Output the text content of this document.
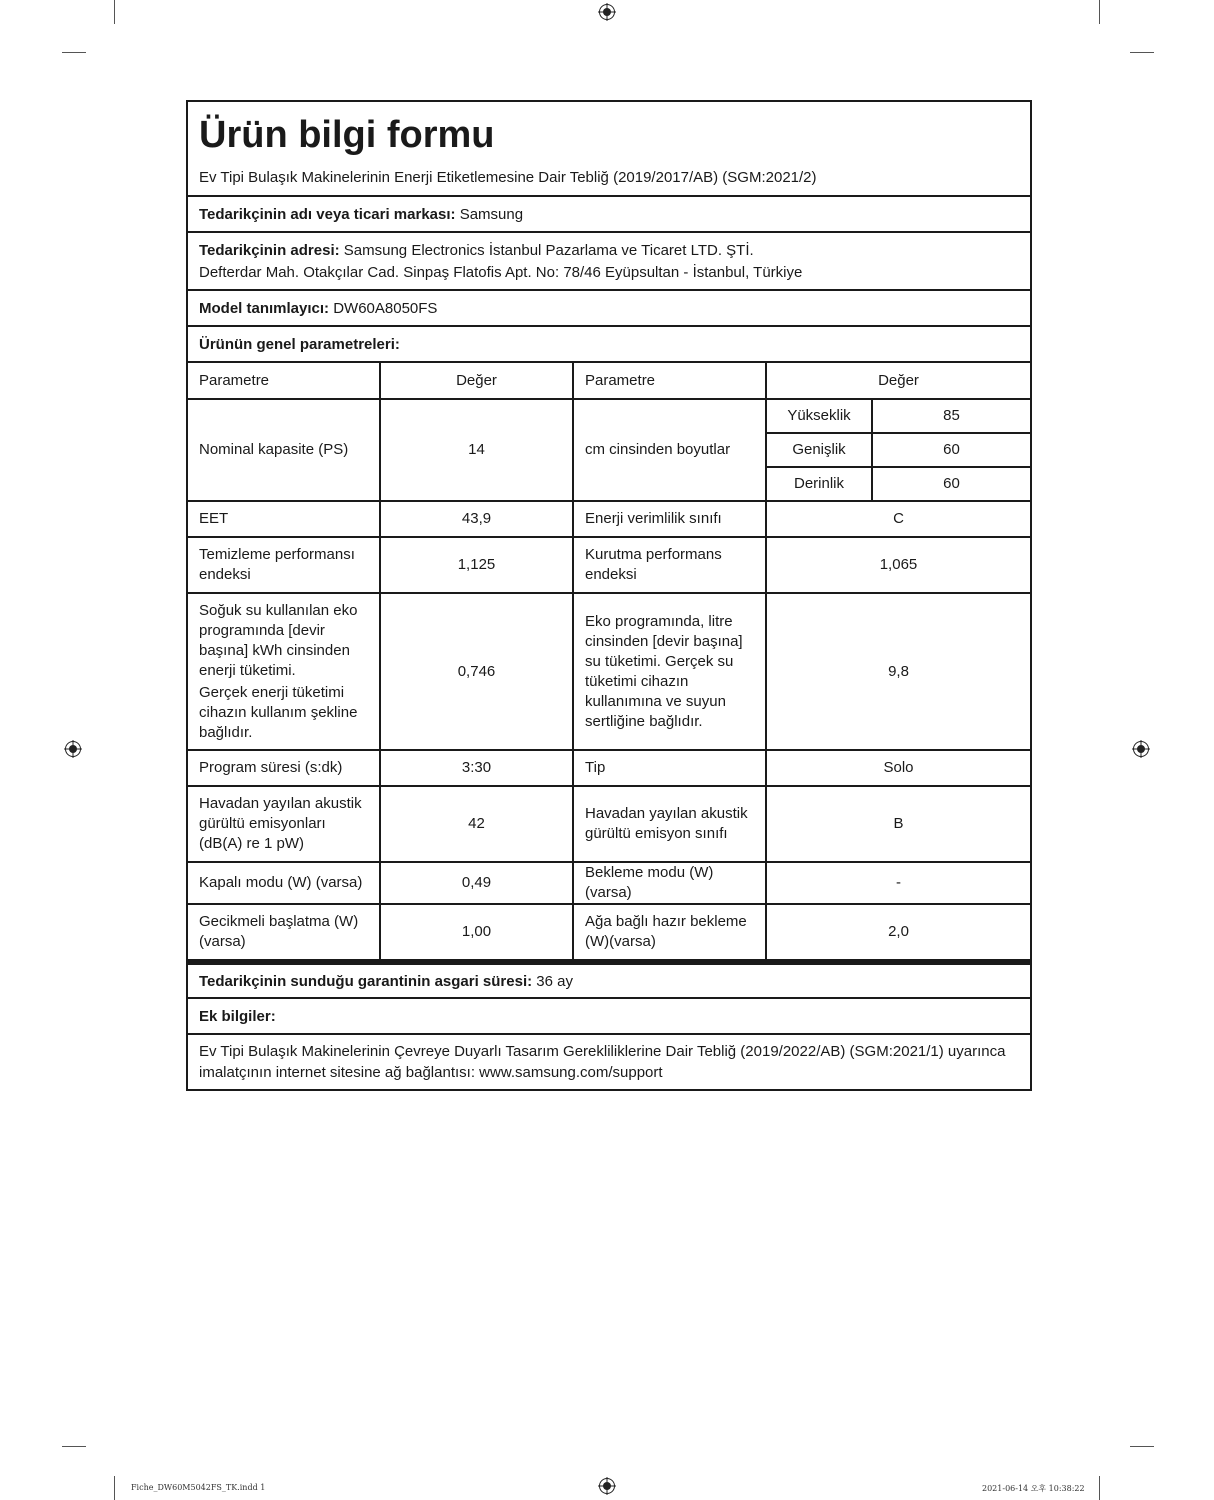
Fiche_DW60M5042FS_TK.indd 1	2021-06-14 오후 10:38:22
Ürün bilgi formu
Ev Tipi Bulaşık Makinelerinin Enerji Etiketlemesine Dair Tebliğ (2019/2017/AB) (SGM:2021/2)
Tedarikçinin adı veya ticari markası: Samsung
Tedarikçinin adresi: Samsung Electronics İstanbul Pazarlama ve Ticaret LTD. ŞTİ.
Defterdar Mah. Otakçılar Cad. Sinpaş Flatofis Apt. No: 78/46 Eyüpsultan - İstanbul, Türkiye
Model tanımlayıcı: DW60A8050FS
Ürünün genel parametreleri:
Parametre	Değer	Parametre	Değer	
Nominal kapasite (PS)	14	cm cinsinden boyutlar	Yükseklik	85
			Genişlik	60
			Derinlik	60
EET	43,9	Enerji verimlilik sınıfı	C	
Temizleme performansı endeksi	1,125	Kurutma performans endeksi	1,065	

Soğuk su kullanılan eko programında [devir başına] kWh cinsinden enerji tüketimi.
Gerçek enerji tüketimi cihazın kullanım şekline bağlıdır.	0,746	Eko programında, litre cinsinden [devir başına] su tüketimi. Gerçek su tüketimi cihazın kullanımına ve suyun sertliğine bağlıdır.	9,8	
Program süresi (s:dk)	3:30	Tip	Solo	
Havadan yayılan akustik gürültü emisyonları (dB(A) re 1 pW)	42	Havadan yayılan akustik gürültü emisyon sınıfı	B	
Kapalı modu (W) (varsa)	0,49	Bekleme modu (W) (varsa)	-	
Gecikmeli başlatma (W) (varsa)	1,00	Ağa bağlı hazır bekleme (W)(varsa)	2,0	
Tedarikçinin sunduğu garantinin asgari süresi: 36 ay
Ek bilgiler:
Ev Tipi Bulaşık Makinelerinin Çevreye Duyarlı Tasarım Gerekliliklerine Dair Tebliğ (2019/2022/AB) (SGM:2021/1) uyarınca imalatçının internet sitesine ağ bağlantısı: www.samsung.com/support
